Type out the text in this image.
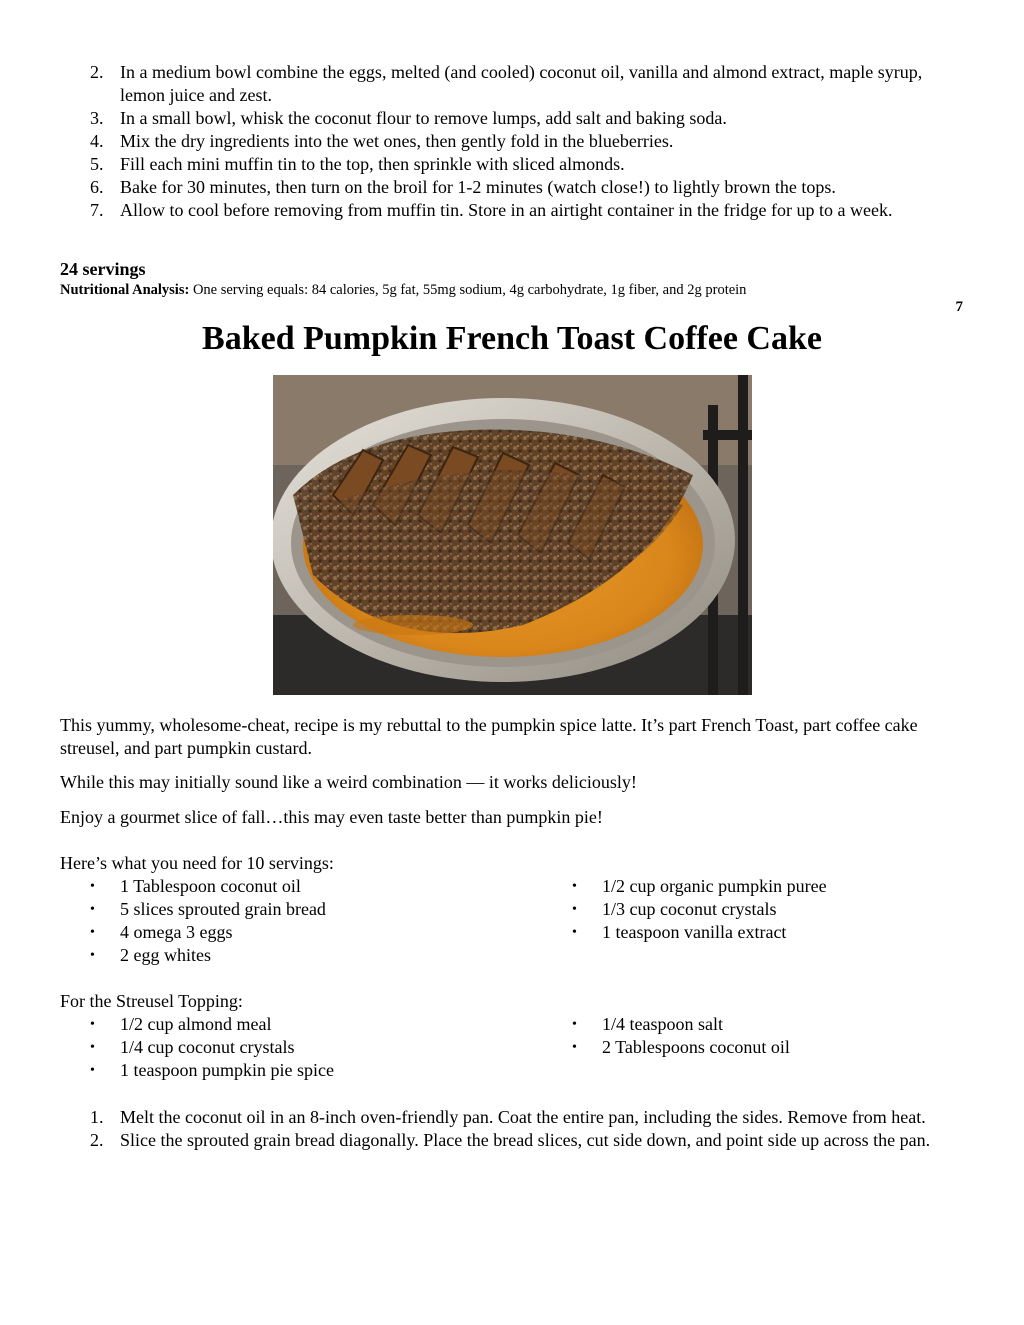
2. In a medium bowl combine the eggs, melted (and cooled) coconut oil, vanilla and almond extract, maple syrup, lemon juice and zest.
3. In a small bowl, whisk the coconut flour to remove lumps, add salt and baking soda.
4. Mix the dry ingredients into the wet ones, then gently fold in the blueberries.
5. Fill each mini muffin tin to the top, then sprinkle with sliced almonds.
6. Bake for 30 minutes, then turn on the broil for 1-2 minutes (watch close!) to lightly brown the tops.
7. Allow to cool before removing from muffin tin. Store in an airtight container in the fridge for up to a week.
24 servings
Nutritional Analysis: One serving equals: 84 calories, 5g fat, 55mg sodium, 4g carbohydrate, 1g fiber, and 2g protein
7
Baked Pumpkin French Toast Coffee Cake

This yummy, wholesome-cheat, recipe is my rebuttal to the pumpkin spice latte. It’s part French Toast, part coffee cake streusel, and part pumpkin custard.

While this may initially sound like a weird combination — it works deliciously!

Enjoy a gourmet slice of fall…this may even taste better than pumpkin pie!

Here’s what you need for 10 servings:

• 1 Tablespoon coconut oil
• 5 slices sprouted grain bread
• 4 omega 3 eggs
• 2 egg whites
• 1/2 cup organic pumpkin puree
• 1/3 cup coconut crystals
• 1 teaspoon vanilla extract

For the Streusel Topping:

• 1/2 cup almond meal
• 1/4 cup coconut crystals
• 1 teaspoon pumpkin pie spice
• 1/4 teaspoon salt
• 2 Tablespoons coconut oil
1. Melt the coconut oil in an 8-inch oven-friendly pan. Coat the entire pan, including the sides. Remove from heat.
2. Slice the sprouted grain bread diagonally. Place the bread slices, cut side down, and point side up across the pan.
